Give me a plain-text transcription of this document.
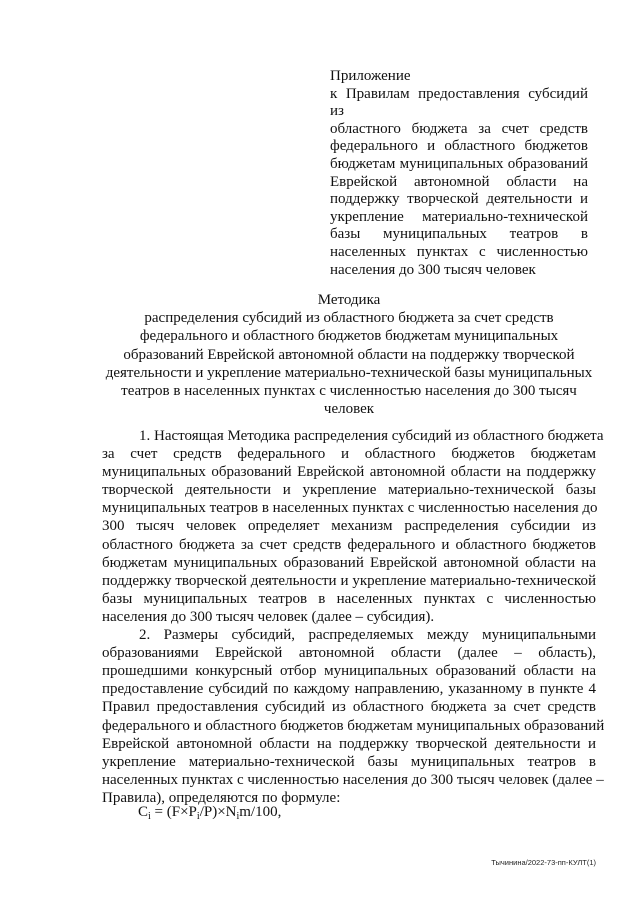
Приложение
к Правилам предоставления субсидий из
областного бюджета за счет средств
федерального и областного бюджетов
бюджетам муниципальных образований
Еврейской автономной области на
поддержку творческой деятельности и
укрепление материально-технической
базы муниципальных театров в
населенных пунктах с численностью
населения до 300 тысяч человек
Методика
распределения субсидий из областного бюджета за счет средств
федерального и областного бюджетов бюджетам муниципальных
образований Еврейской автономной области на поддержку творческой
деятельности и укрепление материально-технической базы муниципальных
театров в населенных пунктах с численностью населения до 300 тысяч
человек
1. Настоящая Методика распределения субсидий из областного бюджета
за счет средств федерального и областного бюджетов бюджетам
муниципальных образований Еврейской автономной области на поддержку
творческой деятельности и укрепление материально-технической базы
муниципальных театров в населенных пунктах с численностью населения до
300 тысяч человек определяет механизм распределения субсидии из
областного бюджета за счет средств федерального и областного бюджетов
бюджетам муниципальных образований Еврейской автономной области на
поддержку творческой деятельности и укрепление материально-технической
базы муниципальных театров в населенных пунктах с численностью
населения до 300 тысяч человек (далее – субсидия).
2. Размеры субсидий, распределяемых между муниципальными
образованиями Еврейской автономной области (далее – область),
прошедшими конкурсный отбор муниципальных образований области на
предоставление субсидий по каждому направлению, указанному в пункте 4
Правил предоставления субсидий из областного бюджета за счет средств
федерального и областного бюджетов бюджетам муниципальных образований
Еврейской автономной области на поддержку творческой деятельности и
укрепление материально-технической базы муниципальных театров в
населенных пунктах с численностью населения до 300 тысяч человек (далее –
Правила), определяются по формуле:
$C_i = (F\times P_i/P)\times N_im/100$,
Тычинина/2022-73-пп-КУЛТ(1)
